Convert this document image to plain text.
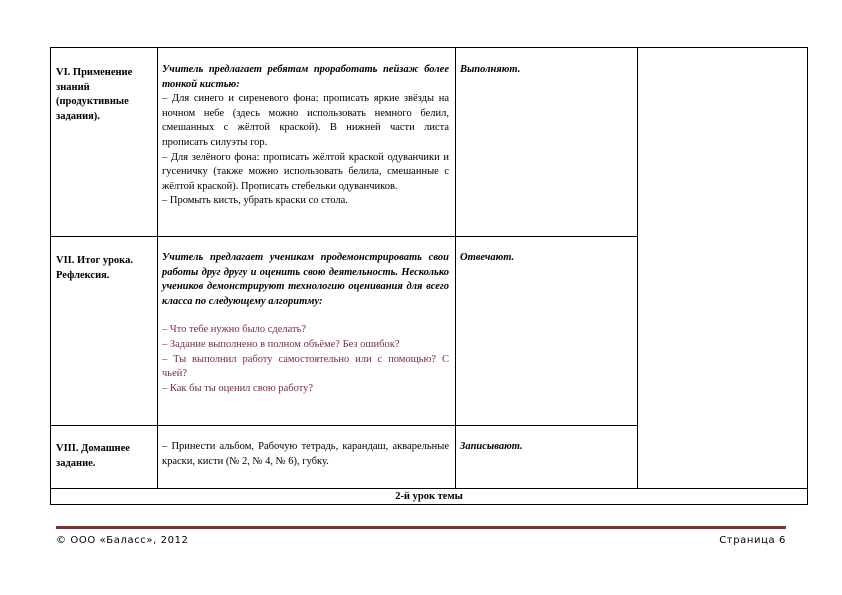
VI. Применение знаний (продуктивные задания).
Учитель предлагает ребятам проработать пейзаж более тонкой кистью:
– Для синего и сиреневого фона: прописать яркие звёзды на ночном небе (здесь можно использовать немного белил, смешанных с жёлтой краской). В нижней части листа прописать силуэты гор.
– Для зелёного фона: прописать жёлтой краской одуванчики и гусеничку (также можно использовать белила, смешанные с жёлтой краской). Прописать стебельки одуванчиков.
– Промыть кисть, убрать краски со стола.
Выполняют.
VII. Итог урока. Рефлексия.
Учитель предлагает ученикам продемонстрировать свои работы друг другу и оценить свою деятельность. Несколько учеников демонстрируют технологию оценивания для всего класса по следующему алгоритму:
– Что тебе нужно было сделать?
– Задание выполнено в полном объёме? Без ошибок?
– Ты выполнил работу самостоятельно или с помощью? С чьей?
– Как бы ты оценил свою работу?
Отвечают.
VIII. Домашнее задание.
– Принести альбом, Рабочую тетрадь, карандаш, акварельные краски, кисти (№ 2, № 4, № 6), губку.
Записывают.
2-й урок темы
© ООО «Баласс», 2012	Страница 6
